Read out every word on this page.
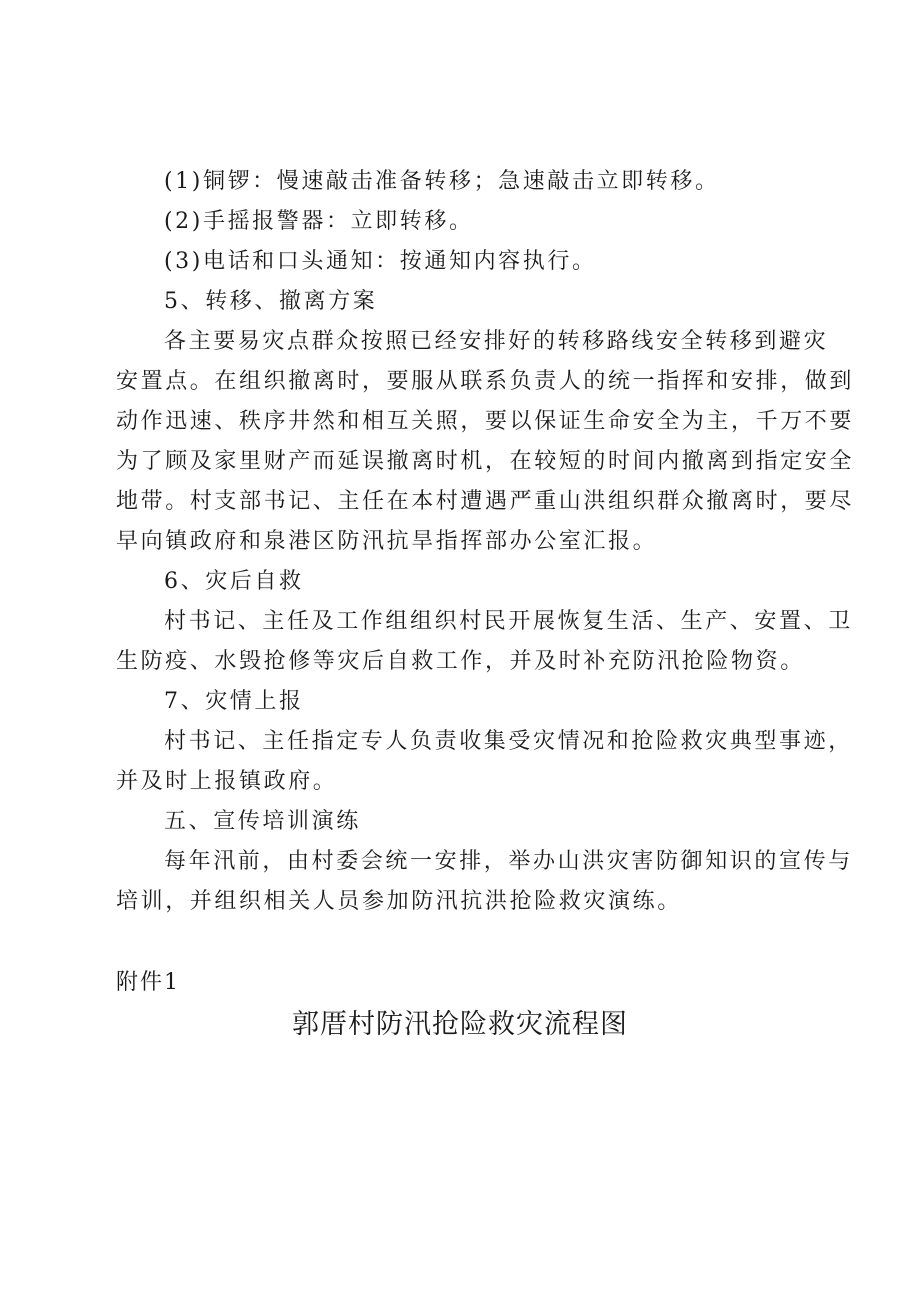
(1)铜锣：慢速敲击准备转移；急速敲击立即转移。
(2)手摇报警器：立即转移。
(3)电话和口头通知：按通知内容执行。
5、转移、撤离方案
各主要易灾点群众按照已经安排好的转移路线安全转移到避灾
安置点。在组织撤离时，要服从联系负责人的统一指挥和安排，做到
动作迅速、秩序井然和相互关照，要以保证生命安全为主，千万不要
为了顾及家里财产而延误撤离时机，在较短的时间内撤离到指定安全
地带。村支部书记、主任在本村遭遇严重山洪组织群众撤离时，要尽
早向镇政府和泉港区防汛抗旱指挥部办公室汇报。
6、灾后自救
村书记、主任及工作组组织村民开展恢复生活、生产、安置、卫
生防疫、水毁抢修等灾后自救工作，并及时补充防汛抢险物资。
7、灾情上报
村书记、主任指定专人负责收集受灾情况和抢险救灾典型事迹，
并及时上报镇政府。
五、宣传培训演练
每年汛前，由村委会统一安排，举办山洪灾害防御知识的宣传与
培训，并组织相关人员参加防汛抗洪抢险救灾演练。
附件1
郭厝村防汛抢险救灾流程图
